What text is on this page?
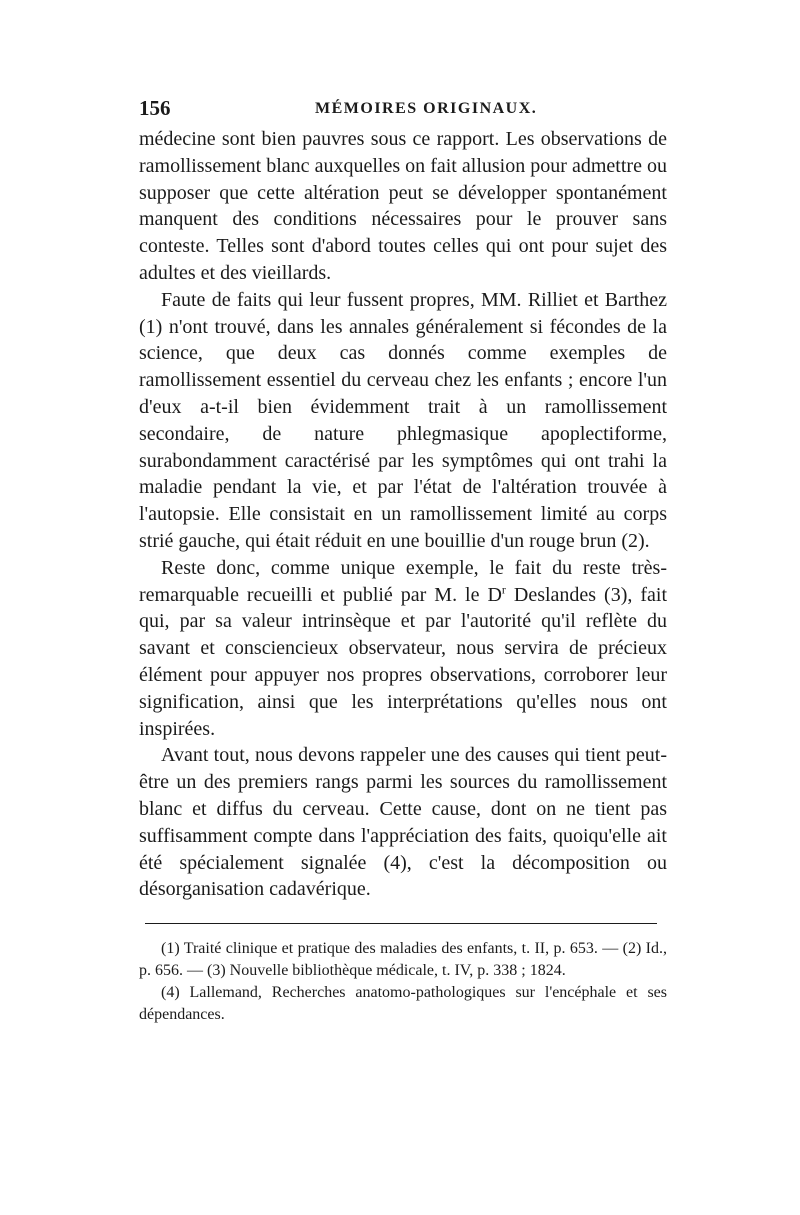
156	MÉMOIRES ORIGINAUX.

médecine sont bien pauvres sous ce rapport. Les observations de ramollissement blanc auxquelles on fait allusion pour admettre ou supposer que cette altération peut se développer spontanément manquent des conditions nécessaires pour le prouver sans conteste. Telles sont d'abord toutes celles qui ont pour sujet des adultes et des vieillards.

Faute de faits qui leur fussent propres, MM. Rilliet et Barthez (1) n'ont trouvé, dans les annales généralement si fécondes de la science, que deux cas donnés comme exemples de ramollissement essentiel du cerveau chez les enfants ; encore l'un d'eux a-t-il bien évidemment trait à un ramollissement secondaire, de nature phlegmasique apoplectiforme, surabondamment caractérisé par les symptômes qui ont trahi la maladie pendant la vie, et par l'état de l'altération trouvée à l'autopsie. Elle consistait en un ramollissement limité au corps strié gauche, qui était réduit en une bouillie d'un rouge brun (2).

Reste donc, comme unique exemple, le fait du reste très-remarquable recueilli et publié par M. le $D^r$ Deslandes (3), fait qui, par sa valeur intrinsèque et par l'autorité qu'il reflète du savant et consciencieux observateur, nous servira de précieux élément pour appuyer nos propres observations, corroborer leur signification, ainsi que les interprétations qu'elles nous ont inspirées.

Avant tout, nous devons rappeler une des causes qui tient peut-être un des premiers rangs parmi les sources du ramollissement blanc et diffus du cerveau. Cette cause, dont on ne tient pas suffisamment compte dans l'appréciation des faits, quoiqu'elle ait été spécialement signalée (4), c'est la décomposition ou désorganisation cadavérique.

(1) Traité clinique et pratique des maladies des enfants, t. II, p. 653. — (2) Id., p. 656. — (3) Nouvelle bibliothèque médicale, t. IV, p. 338 ; 1824.

(4) Lallemand, Recherches anatomo-pathologiques sur l'encéphale et ses dépendances.
